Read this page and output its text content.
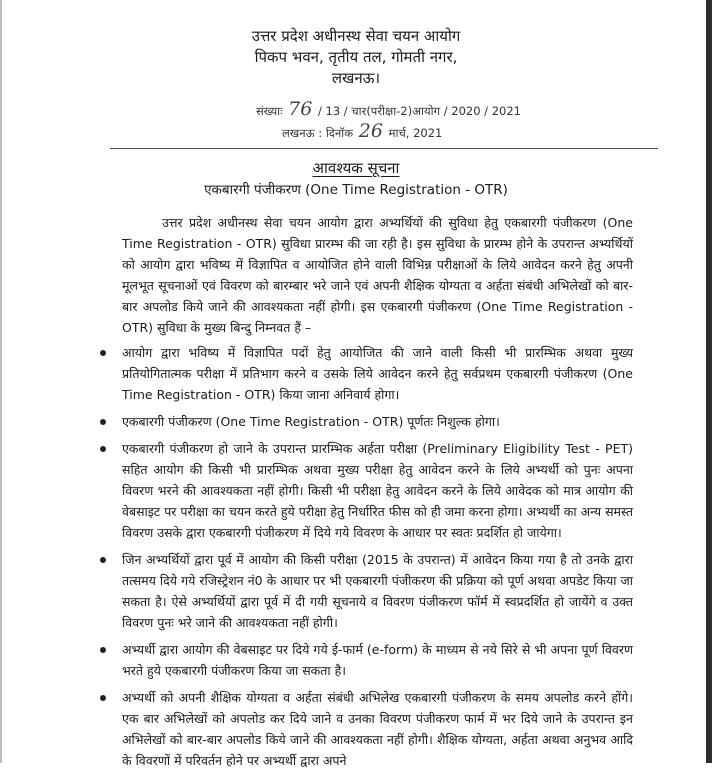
उत्तर प्रदेश अधीनस्थ सेवा चयन आयोग
पिकप भवन, तृतीय तल, गोमती नगर,
लखनऊ।
संख्याः 76 / 13 / चार(परीक्षा-2)आयोग / 2020 / 2021
लखनऊ : दिनॉक 26 मार्च, 2021
आवश्यक सूचना
एकबारगी पंजीकरण (One Time Registration - OTR)

उत्तर प्रदेश अधीनस्थ सेवा चयन आयोग द्वारा अभ्यर्थियों की सुविधा हेतु एकबारगी पंजीकरण (One Time Registration - OTR) सुविधा प्रारम्भ की जा रही है। इस सुविधा के प्रारम्भ होने के उपरान्त अभ्यर्थियों को आयोग द्वारा भविष्य में विज्ञापित व आयोजित होने वाली विभिन्न परीक्षाओं के लिये आवेदन करने हेतु अपनी मूलभूत सूचनाओं एवं विवरण को बारम्बार भरे जाने एवं अपनी शैक्षिक योग्यता व अर्हता संबंधी अभिलेखों को बार-बार अपलोड किये जाने की आवश्यकता नहीं होगी। इस एकबारगी पंजीकरण (One Time Registration - OTR) सुविधा के मुख्य बिन्दु निम्नवत हैं –

आयोग द्वारा भविष्य में विज्ञापित पदों हेतु आयोजित की जाने वाली किसी भी प्रारम्भिक अथवा मुख्य प्रतियोगितात्मक परीक्षा में प्रतिभाग करने व उसके लिये आवेदन करने हेतु सर्वप्रथम एकबारगी पंजीकरण (One Time Registration - OTR) किया जाना अनिवार्य होगा।
एकबारगी पंजीकरण (One Time Registration - OTR) पूर्णतः निशुल्क होगा।
एकबारगी पंजीकरण हो जाने के उपरान्त प्रारम्भिक अर्हता परीक्षा (Preliminary Eligibility Test - PET) सहित आयोग की किसी भी प्रारम्भिक अथवा मुख्य परीक्षा हेतु आवेदन करने के लिये अभ्यर्थी को पुनः अपना विवरण भरने की आवश्यकता नहीं होगी। किसी भी परीक्षा हेतु आवेदन करने के लिये आवेदक को मात्र आयोग की वेबसाइट पर परीक्षा का चयन करते हुये परीक्षा हेतु निर्धारित फीस को ही जमा करना होगा। अभ्यर्थी का अन्य समस्त विवरण उसके द्वारा एकबारगी पंजीकरण में दिये गये विवरण के आधार पर स्वतः प्रदर्शित हो जायेगा।
जिन अभ्यर्थियों द्वारा पूर्व में आयोग की किसी परीक्षा (2015 के उपरान्त) में आवेदन किया गया है तो उनके द्वारा तत्समय दिये गये रजिस्ट्रेशन नं0 के आधार पर भी एकबारगी पंजीकरण की प्रक्रिया को पूर्ण अथवा अपडेट किया जा सकता है। ऐसे अभ्यर्थियों द्वारा पूर्व में दी गयी सूचनाये व विवरण पंजीकरण फॉर्म में स्वप्रदर्शित हो जायेंगे व उक्त विवरण पुनः भरे जाने की आवश्यकता नहीं होगी।
अभ्यर्थी द्वारा आयोग की वेबसाइट पर दिये गये ई-फार्म (e-form) के माध्यम से नये सिरे से भी अपना पूर्ण विवरण भरते हुये एकबारगी पंजीकरण किया जा सकता है।
अभ्यर्थी को अपनी शैक्षिक योग्यता व अर्हता संबंधी अभिलेख एकबारगी पंजीकरण के समय अपलोड करने होंगे। एक बार अभिलेखों को अपलोड कर दिये जाने व उनका विवरण पंजीकरण फार्म में भर दिये जाने के उपरान्त इन अभिलेखों को बार-बार अपलोड किये जाने की आवश्यकता नहीं होगी। शैक्षिक योग्यता, अर्हता अथवा अनुभव आदि के विवरणों में परिवर्तन होने पर अभ्यर्थी द्वारा अपने
